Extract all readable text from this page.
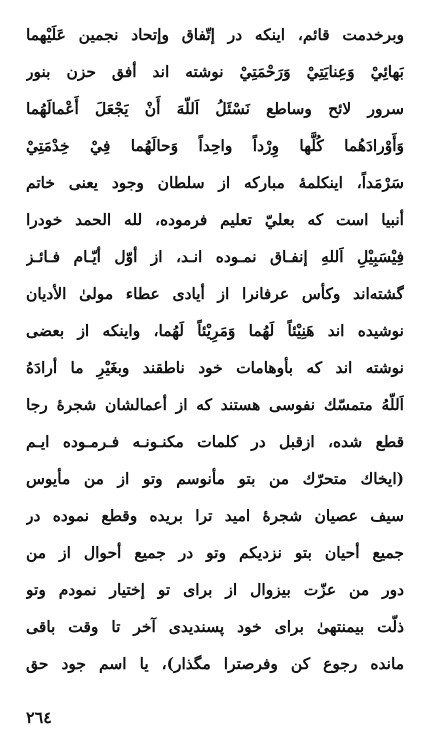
وبرخدمت قائم، اينكه در إتّفاق وإتحاد نجمين عَلَيْهما
بَهائِيْ وَعِنايَتِيْ وَرَحْمَتِيْ نوشته اند أفق حزن بنور
سرور لائح وساطع نَسْئَلُ اَللّهَ أَنْ يَجْعَلَ أَعْمالَهُما
وَأَوْرادَهُما كُلَّها وِرْداً واحِداً وَحالَهُما فِيْ خِدْمَتِيْ
سَرْمَداً، اينكلمهٔ مباركه از سلطان وجود يعنى خاتم
أنبيا است كه بعليّ تعليم فرموده، لله الحمد خودرا
فِيْسَبِيْلِ اَللهِ إنفـاق نمـوده انـد، از أوّل أيّـام فـائـز
گشته‌اند وكأس عرفانرا از أيادى عطاء مولىٰ الأديان
نوشيده اند هَنِيْئاً لَهُما وَمَرِيْئاً لَهُما، واينكه از بعضى
نوشته اند كه بأوهامات خود ناطقند وبغَيْرِ ما أرادَهُ
اَللّهُ متمسّك نفوسى هستند كه از أعمالشان شجرهٔ رجا
قطع شده، ازقبل در كلمات مكنـونـه فـرمـوده ايـم
(ايخاك متحرّك من بتو مأنوسم وتو از من مأيوس
سيف عصيان شجرهٔ اميد ترا بريده وقطع نموده در
جميع أحيان بتو نزديكم وتو در جميع أحوال از من
دور من عزّت بيزوال از براى تو إختيار نمودم وتو
ذلّت بيمنتهىٰ براى خود پسنديدى آخر تا وقت باقى
مانده رجوع كن وفرصترا مگذار)، يا اسم جود حق
٢٦٤
